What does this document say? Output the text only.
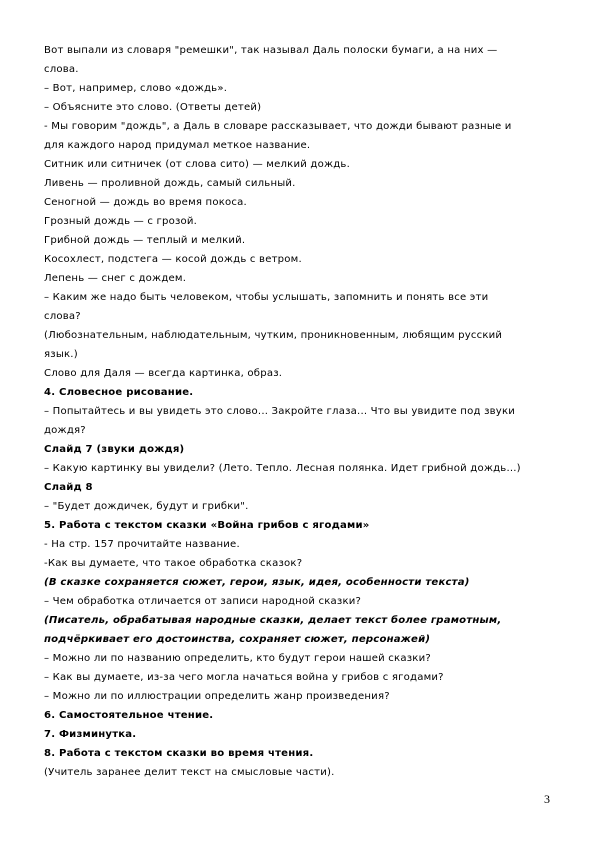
Вот выпали из словаря "ремешки", так называл Даль полоски бумаги, а на них —
слова.
– Вот, например, слово «дождь».
– Объясните это слово. (Ответы детей)
- Мы говорим "дождь", а Даль в словаре рассказывает, что дожди бывают разные и
для каждого народ придумал меткое название.
Ситник или ситничек (от слова сито) — мелкий дождь.
Ливень — проливной дождь, самый сильный.
Сеногной — дождь во время покоса.
Грозный дождь — с грозой.
Грибной дождь — теплый и мелкий.
Косохлест, подстега — косой дождь с ветром.
Лепень — снег с дождем.
– Каким же надо быть человеком, чтобы услышать, запомнить и понять все эти
слова?
(Любознательным, наблюдательным, чутким, проникновенным, любящим русский
язык.)
Слово для Даля — всегда картинка, образ.
4. Словесное рисование.
– Попытайтесь и вы увидеть это слово... Закройте глаза... Что вы увидите под звуки
дождя?
Слайд 7 (звуки дождя)
– Какую картинку вы увидели? (Лето. Тепло. Лесная полянка. Идет грибной дождь...)
Слайд 8
– "Будет дождичек, будут и грибки".
5. Работа с текстом сказки «Война грибов с ягодами»
- На стр. 157 прочитайте название.
-Как вы думаете, что такое обработка сказок?
(В сказке сохраняется сюжет, герои, язык, идея, особенности текста)
– Чем обработка отличается от записи народной сказки?
(Писатель, обрабатывая народные сказки, делает текст более грамотным,
подчёркивает его достоинства, сохраняет сюжет, персонажей)
– Можно ли по названию определить, кто будут герои нашей сказки?
– Как вы думаете, из-за чего могла начаться война у грибов с ягодами?
– Можно ли по иллюстрации определить жанр произведения?
6. Самостоятельное чтение.
7. Физминутка.
8. Работа с текстом сказки во время чтения.
(Учитель заранее делит текст на смысловые части).
3
